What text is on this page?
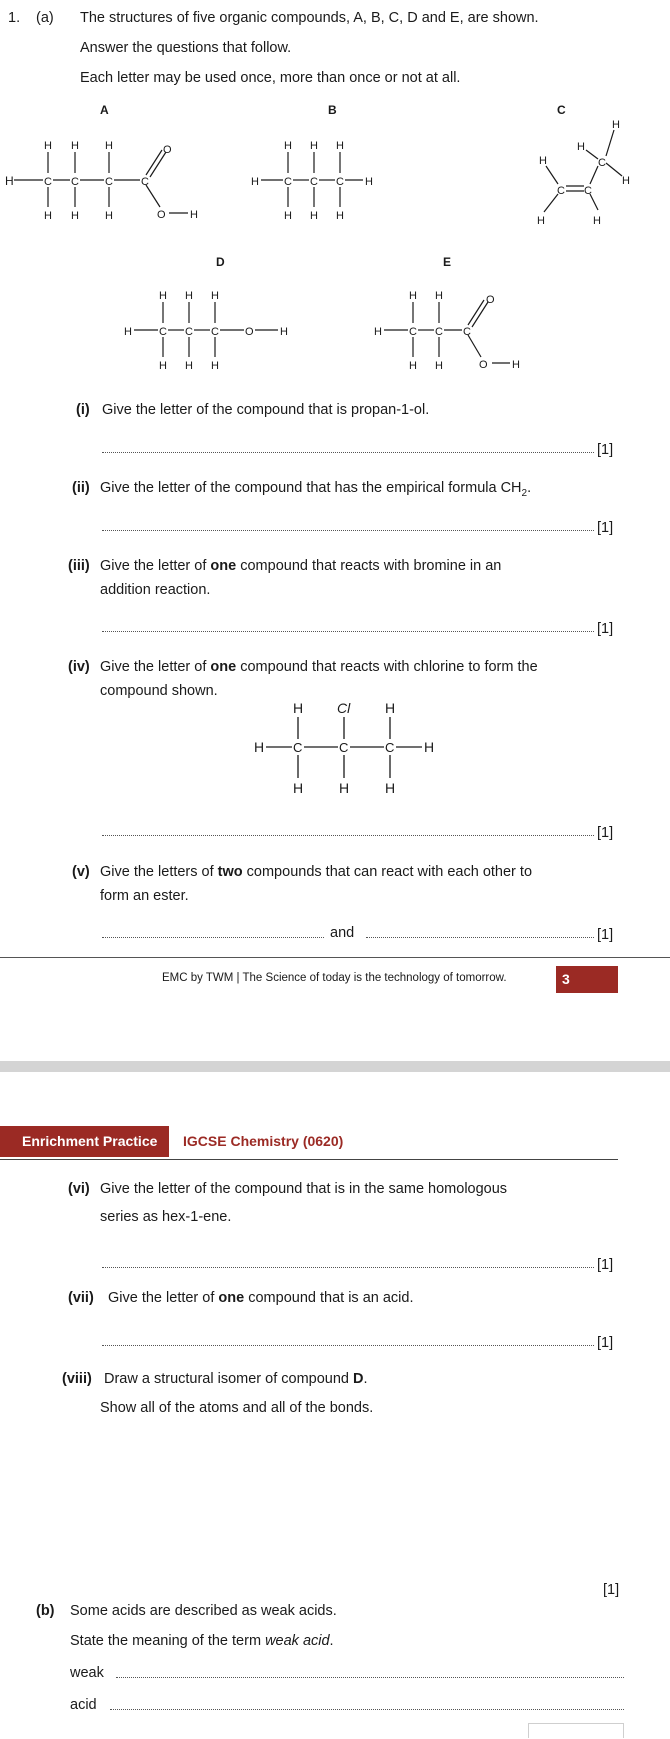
1. (a) The structures of five organic compounds, A, B, C, D and E, are shown.
Answer the questions that follow.
Each letter may be used once, more than once or not at all.
A	B	C
D	E
H	C C C	C
H H H
H H H
O
O H
H C C C H
H H H
H H H
C C
C
H
H	H
H
H
H
H C C C O H
H H H
H H H
H C C C
H H
H H
O
O H
(i) Give the letter of the compound that is propan-1-ol.
[1]
(ii) Give the letter of the compound that has the empirical formula $CH_2$.
[1]
(iii) Give the letter of one compound that reacts with bromine in an
addition reaction.
[1]
(iv) Give the letter of one compound that reacts with chlorine to form the
compound shown.
H C	C	C H
H Cl H
H	H	H
[1]
(v) Give the letters of two compounds that can react with each other to
form an ester.
and	[1]
EMC by TWM | The Science of today is the technology of tomorrow.	3
Enrichment Practice	IGCSE Chemistry (0620)
(vi) Give the letter of the compound that is in the same homologous
series as hex-1-ene.
[1]
(vii) Give the letter of one compound that is an acid.
[1]
(viii) Draw a structural isomer of compound D.
Show all of the atoms and all of the bonds.
[1]
(b) Some acids are described as weak acids.
State the meaning of the term weak acid.
weak
acid
